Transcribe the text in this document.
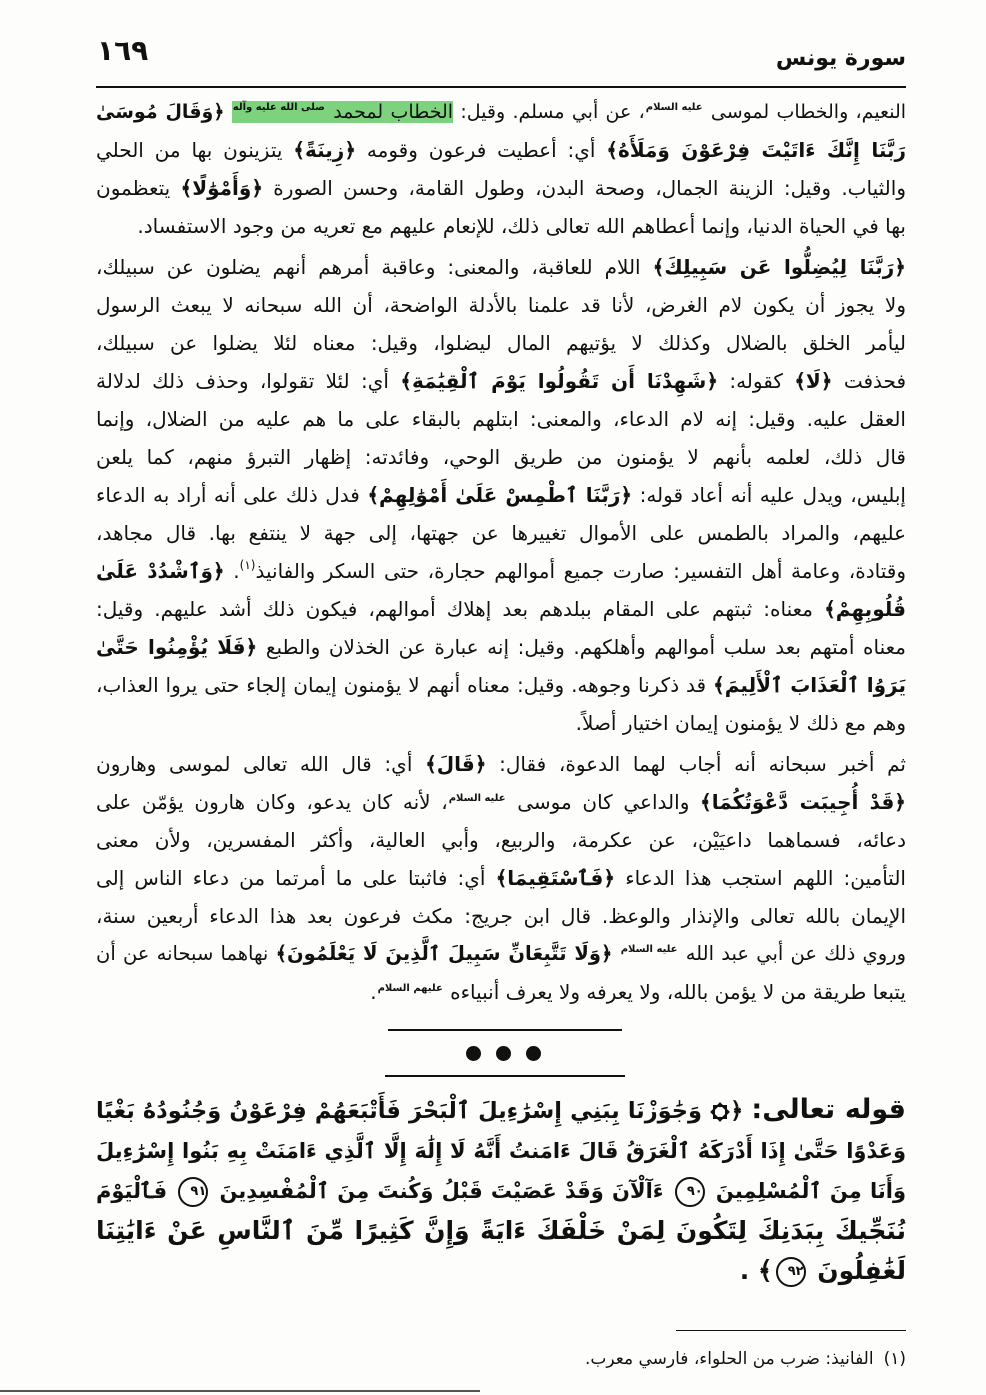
سورة يونس
١٦٩
النعيم، والخطاب لموسى عليه السلام، عن أبي مسلم. وقيل: الخطاب لمحمد صلى الله عليه وآله ﴿وَقَالَ مُوسَىٰ
رَبَّنَا إِنَّكَ ءَاتَيْتَ فِرْعَوْنَ وَمَلَأَهُ﴾ أي: أعطيت فرعون وقومه ﴿زِينَةً﴾ يتزينون بها من الحلي
والثياب. وقيل: الزينة الجمال، وصحة البدن، وطول القامة، وحسن الصورة ﴿وَأَمْوَٰلًا﴾ يتعظمون
بها في الحياة الدنيا، وإنما أعطاهم الله تعالى ذلك، للإنعام عليهم مع تعريه من وجود الاستفساد.
﴿رَبَّنَا لِيُضِلُّوا عَن سَبِيلِكَ﴾ اللام للعاقبة، والمعنى: وعاقبة أمرهم أنهم يضلون عن سبيلك،
ولا يجوز أن يكون لام الغرض، لأنا قد علمنا بالأدلة الواضحة، أن الله سبحانه لا يبعث الرسول
ليأمر الخلق بالضلال وكذلك لا يؤتيهم المال ليضلوا، وقيل: معناه لئلا يضلوا عن سبيلك،
فحذفت ﴿لَا﴾ كقوله: ﴿شَهِدْنَا أَن تَقُولُوا يَوْمَ ٱلْقِيَٰمَةِ﴾ أي: لئلا تقولوا، وحذف ذلك لدلالة
العقل عليه. وقيل: إنه لام الدعاء، والمعنى: ابتلهم بالبقاء على ما هم عليه من الضلال، وإنما
قال ذلك، لعلمه بأنهم لا يؤمنون من طريق الوحي، وفائدته: إظهار التبرؤ منهم، كما يلعن
إبليس، ويدل عليه أنه أعاد قوله: ﴿رَبَّنَا ٱطْمِسْ عَلَىٰ أَمْوَٰلِهِمْ﴾ فدل ذلك على أنه أراد به الدعاء
عليهم، والمراد بالطمس على الأموال تغييرها عن جهتها، إلى جهة لا ينتفع بها. قال مجاهد،
وقتادة، وعامة أهل التفسير: صارت جميع أموالهم حجارة، حتى السكر والفانيذ$^{(١)}$. ﴿وَٱشْدُدْ عَلَىٰ
قُلُوبِهِمْ﴾ معناه: ثبتهم على المقام ببلدهم بعد إهلاك أموالهم، فيكون ذلك أشد عليهم. وقيل:
معناه أمتهم بعد سلب أموالهم وأهلكهم. وقيل: إنه عبارة عن الخذلان والطبع ﴿فَلَا يُؤْمِنُوا حَتَّىٰ
يَرَوُا ٱلْعَذَابَ ٱلْأَلِيمَ﴾ قد ذكرنا وجوهه. وقيل: معناه أنهم لا يؤمنون إيمان إلجاء حتى يروا العذاب،
وهم مع ذلك لا يؤمنون إيمان اختيار أصلاً.
ثم أخبر سبحانه أنه أجاب لهما الدعوة، فقال: ﴿قَالَ﴾ أي: قال الله تعالى لموسى وهارون
﴿قَدْ أُجِيبَت دَّعْوَتُكُمَا﴾ والداعي كان موسى عليه السلام، لأنه كان يدعو، وكان هارون يؤمّن على
دعائه، فسماهما داعيَيْن، عن عكرمة، والربيع، وأبي العالية، وأكثر المفسرين، ولأن معنى
التأمين: اللهم استجب هذا الدعاء ﴿فَٱسْتَقِيمَا﴾ أي: فاثبتا على ما أمرتما من دعاء الناس إلى
الإيمان بالله تعالى والإنذار والوعظ. قال ابن جريج: مكث فرعون بعد هذا الدعاء أربعين سنة،
وروي ذلك عن أبي عبد الله عليه السلام ﴿وَلَا تَتَّبِعَانِّ سَبِيلَ ٱلَّذِينَ لَا يَعْلَمُونَ﴾ نهاهما سبحانه عن أن
يتبعا طريقة من لا يؤمن بالله، ولا يعرفه ولا يعرف أنبياءه عليهم السلام.
قوله تعالى: ﴿ وَجَٰوَزْنَا بِبَنِي إِسْرَٰءِيلَ ٱلْبَحْرَ فَأَتْبَعَهُمْ فِرْعَوْنُ وَجُنُودُهُ بَغْيًا
وَعَدْوًا حَتَّىٰ إِذَا أَدْرَكَهُ ٱلْغَرَقُ قَالَ ءَامَنتُ أَنَّهُ لَا إِلَٰهَ إِلَّا ٱلَّذِي ءَامَنَتْ بِهِ بَنُوا إِسْرَٰءِيلَ
وَأَنَا مِنَ ٱلْمُسْلِمِينَ ٩٠ ءَآلْآنَ وَقَدْ عَصَيْتَ قَبْلُ وَكُنتَ مِنَ ٱلْمُفْسِدِينَ ٩١ فَٱلْيَوْمَ
نُنَجِّيكَ بِبَدَنِكَ لِتَكُونَ لِمَنْ خَلْفَكَ ءَايَةً وَإِنَّ كَثِيرًا مِّنَ ٱلنَّاسِ عَنْ ءَايَٰتِنَا
لَغَٰفِلُونَ ٩٢﴾ .
(١)الفانيذ: ضرب من الحلواء، فارسي معرب.
